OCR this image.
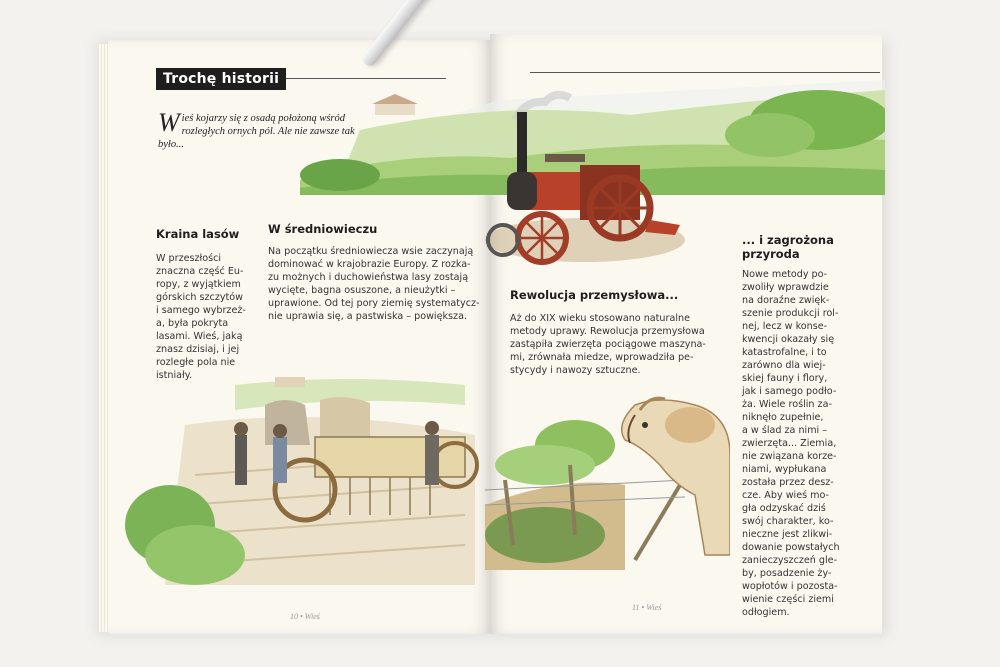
Trochę historii
Wieś kojarzy się z osadą położoną wśród rozległych ornych pól. Ale nie zawsze tak było...
Kraina lasów
W przeszłości
znaczna część Eu-
ropy, z wyjątkiem
górskich szczytów
i samego wybrzeż-
a, była pokryta
lasami. Wieś, jaką
znasz dzisiaj, i jej
rozległe pola nie
istniały.
W średniowieczu
Na początku średniowiecza wsie zaczynają
dominować w krajobrazie Europy. Z rozka-
zu możnych i duchowieństwa lasy zostają
wycięte, bagna osuszone, a nieużytki –
uprawione. Od tej pory ziemię systematycz-
nie uprawia się, a pastwiska – powiększa.
Rewolucja przemysłowa...
Aż do XIX wieku stosowano naturalne
metody uprawy. Rewolucja przemysłowa
zastąpiła zwierzęta pociągowe maszyna-
mi, zrównała miedze, wprowadziła pe-
stycydy i nawozy sztuczne.
... i zagrożona
przyroda
Nowe metody po-
zwoliły wprawdzie
na doraźne zwięk-
szenie produkcji rol-
nej, lecz w konse-
kwencji okazały się
katastrofalne, i to
zarówno dla wiej-
skiej fauny i flory,
jak i samego podło-
ża. Wiele roślin za-
niknęło zupełnie,
a w ślad za nimi –
zwierzęta... Ziemia,
nie związana korze-
niami, wypłukana
została przez desz-
cze. Aby wieś mo-
gła odzyskać dziś
swój charakter, ko-
nieczne jest zlikwi-
dowanie powstałych
zanieczyszczeń gle-
by, posadzenie ży-
wopłotów i pozosta-
wienie części ziemi
odłogiem.
10 • Wieś
11 • Wieś
